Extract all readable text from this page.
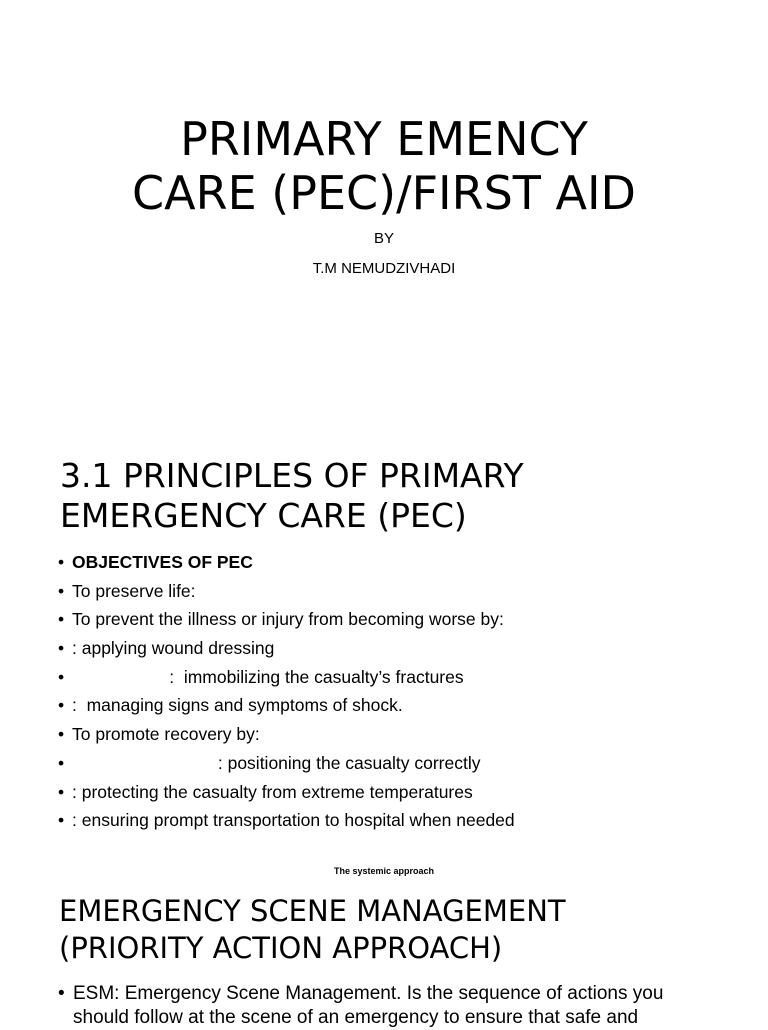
PRIMARY EMENCY
CARE (PEC)/FIRST AID
BY
T.M NEMUDZIVHADI
3.1 PRINCIPLES OF PRIMARY
EMERGENCY CARE (PEC)
• OBJECTIVES OF PEC
• To preserve life:
• To prevent the illness or injury from becoming worse by:
• : applying wound dressing
• :  immobilizing the casualty’s fractures
• :  managing signs and symptoms of shock.
• To promote recovery by:
• : positioning the casualty correctly
• : protecting the casualty from extreme temperatures
• : ensuring prompt transportation to hospital when needed
The systemic approach
EMERGENCY SCENE MANAGEMENT
(PRIORITY ACTION APPROACH)
• ESM: Emergency Scene Management. Is the sequence of actions you should follow at the scene of an emergency to ensure that safe and
